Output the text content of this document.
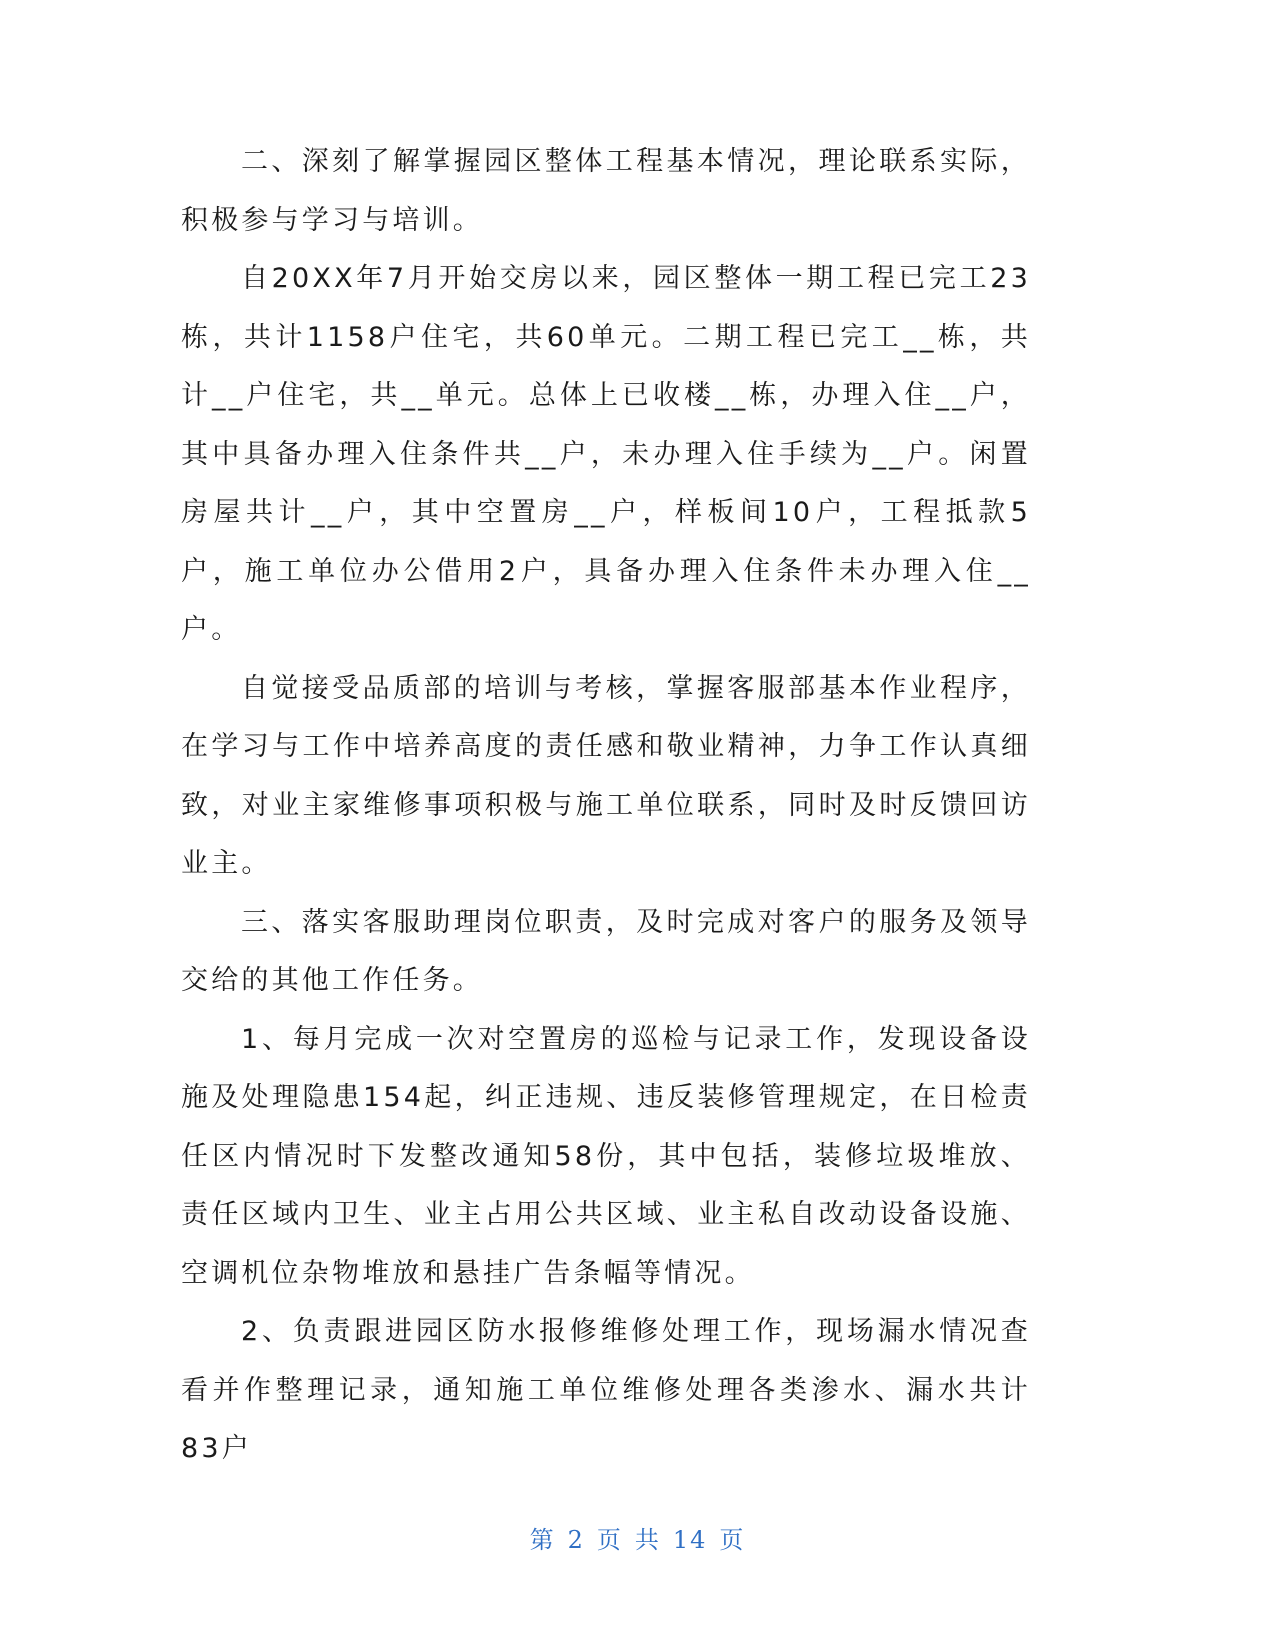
二、深刻了解掌握园区整体工程基本情况，理论联系实际，积极参与学习与培训。

自20XX年7月开始交房以来，园区整体一期工程已完工23栋，共计1158户住宅，共60单元。二期工程已完工__栋，共计__户住宅，共__单元。总体上已收楼__栋，办理入住__户，其中具备办理入住条件共__户，未办理入住手续为__户。闲置房屋共计__户，其中空置房__户，样板间10户，工程抵款5户，施工单位办公借用2户，具备办理入住条件未办理入住__户。

自觉接受品质部的培训与考核，掌握客服部基本作业程序，在学习与工作中培养高度的责任感和敬业精神，力争工作认真细致，对业主家维修事项积极与施工单位联系，同时及时反馈回访业主。

三、落实客服助理岗位职责，及时完成对客户的服务及领导交给的其他工作任务。

1、每月完成一次对空置房的巡检与记录工作，发现设备设施及处理隐患154起，纠正违规、违反装修管理规定，在日检责任区内情况时下发整改通知58份，其中包括，装修垃圾堆放、责任区域内卫生、业主占用公共区域、业主私自改动设备设施、空调机位杂物堆放和悬挂广告条幅等情况。

2、负责跟进园区防水报修维修处理工作，现场漏水情况查看并作整理记录，通知施工单位维修处理各类渗水、漏水共计83户

第 2 页 共 14 页
